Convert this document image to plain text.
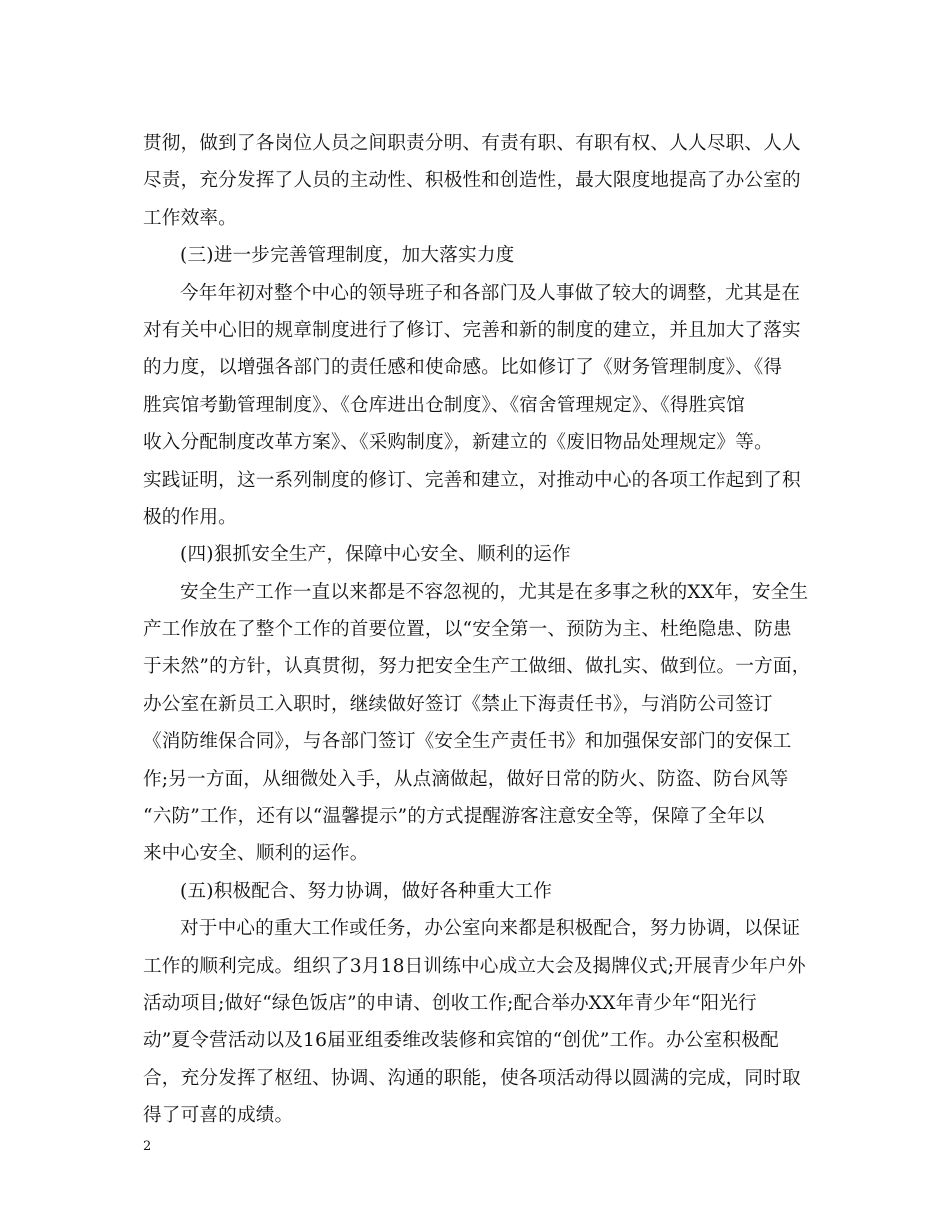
贯彻，做到了各岗位人员之间职责分明、有责有职、有职有权、人人尽职、人人
尽责，充分发挥了人员的主动性、积极性和创造性，最大限度地提高了办公室的
工作效率。
(三)进一步完善管理制度，加大落实力度
今年年初对整个中心的领导班子和各部门及人事做了较大的调整，尤其是在
对有关中心旧的规章制度进行了修订、完善和新的制度的建立，并且加大了落实
的力度，以增强各部门的责任感和使命感。比如修订了《财务管理制度》、《得
胜宾馆考勤管理制度》、《仓库进出仓制度》、《宿舍管理规定》、《得胜宾馆
收入分配制度改革方案》、《采购制度》，新建立的《废旧物品处理规定》等。
实践证明，这一系列制度的修订、完善和建立，对推动中心的各项工作起到了积
极的作用。
(四)狠抓安全生产，保障中心安全、顺利的运作
安全生产工作一直以来都是不容忽视的，尤其是在多事之秋的XX年，安全生
产工作放在了整个工作的首要位置，以“安全第一、预防为主、杜绝隐患、防患
于未然”的方针，认真贯彻，努力把安全生产工做细、做扎实、做到位。一方面，
办公室在新员工入职时，继续做好签订《禁止下海责任书》，与消防公司签订
《消防维保合同》，与各部门签订《安全生产责任书》和加强保安部门的安保工
作;另一方面，从细微处入手，从点滴做起，做好日常的防火、防盗、防台风等
“六防”工作，还有以“温馨提示”的方式提醒游客注意安全等，保障了全年以
来中心安全、顺利的运作。
(五)积极配合、努力协调，做好各种重大工作
对于中心的重大工作或任务，办公室向来都是积极配合，努力协调，以保证
工作的顺利完成。组织了3月18日训练中心成立大会及揭牌仪式;开展青少年户外
活动项目;做好“绿色饭店”的申请、创收工作;配合举办XX年青少年“阳光行
动”夏令营活动以及16届亚组委维改装修和宾馆的“创优”工作。办公室积极配
合，充分发挥了枢纽、协调、沟通的职能，使各项活动得以圆满的完成，同时取
得了可喜的成绩。
2
